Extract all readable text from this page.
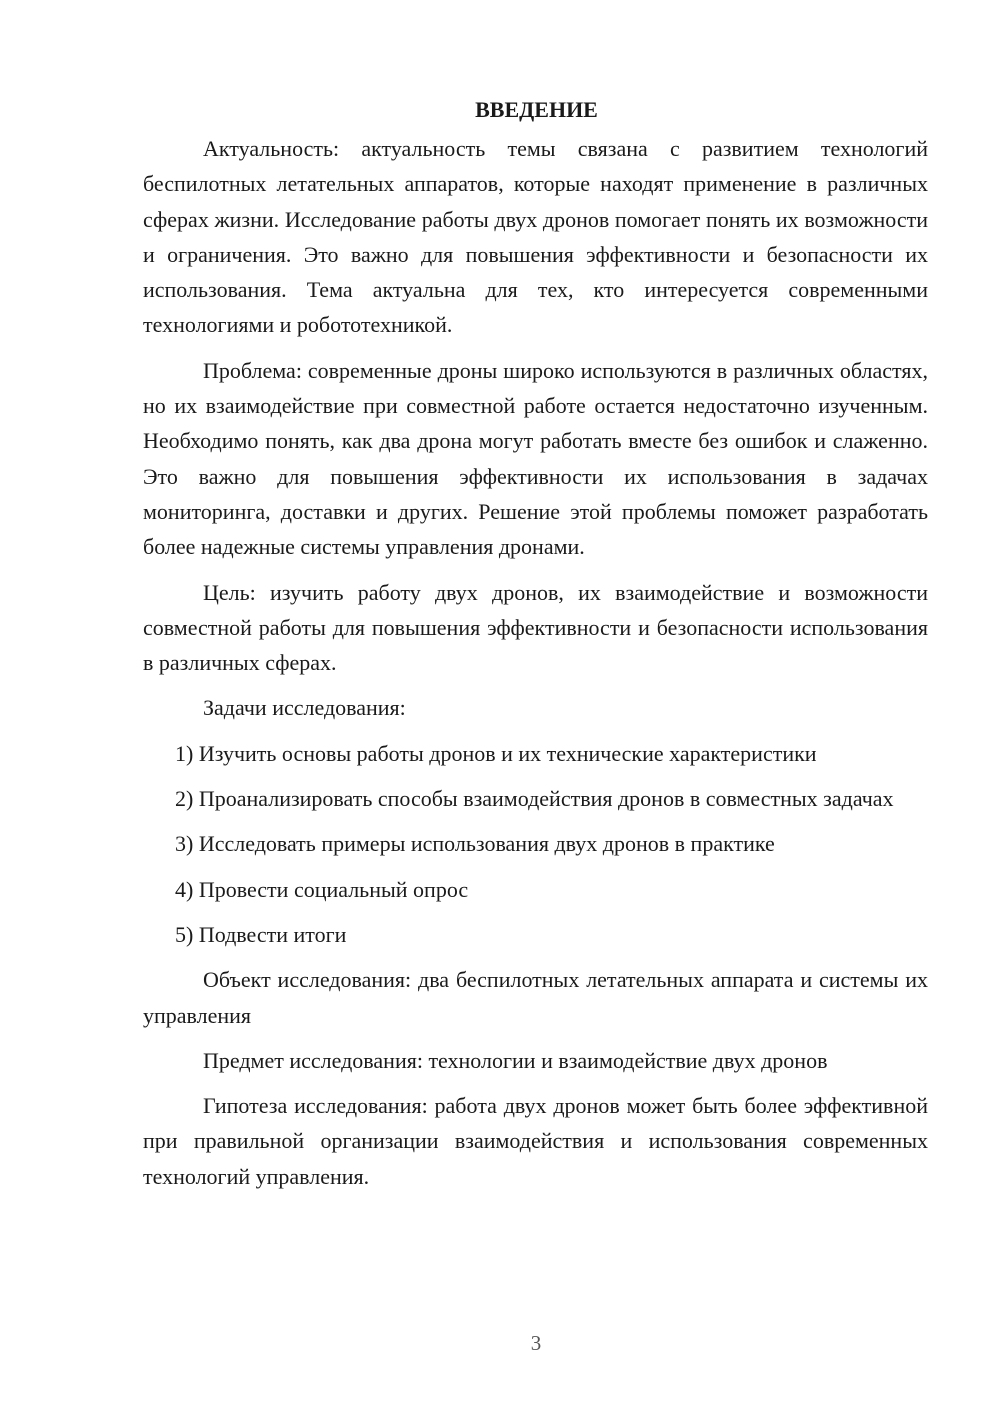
ВВЕДЕНИЕ

Актуальность: актуальность темы связана с развитием технологий беспилотных летательных аппаратов, которые находят применение в различных сферах жизни. Исследование работы двух дронов помогает понять их возможности и ограничения. Это важно для повышения эффективности и безопасности их использования. Тема актуальна для тех, кто интересуется современными технологиями и робототехникой.

Проблема: современные дроны широко используются в различных областях, но их взаимодействие при совместной работе остается недостаточно изученным. Необходимо понять, как два дрона могут работать вместе без ошибок и слаженно. Это важно для повышения эффективности их использования в задачах мониторинга, доставки и других. Решение этой проблемы поможет разработать более надежные системы управления дронами.

Цель: изучить работу двух дронов, их взаимодействие и возможности совместной работы для повышения эффективности и безопасности использования в различных сферах.

Задачи исследования:

1) Изучить основы работы дронов и их технические характеристики

2) Проанализировать способы взаимодействия дронов в совместных задачах

3) Исследовать примеры использования двух дронов в практике

4) Провести социальный опрос

5) Подвести итоги

Объект исследования: два беспилотных летательных аппарата и системы их управления

Предмет исследования: технологии и взаимодействие двух дронов

Гипотеза исследования: работа двух дронов может быть более эффективной при правильной организации взаимодействия и использования современных технологий управления.

3
